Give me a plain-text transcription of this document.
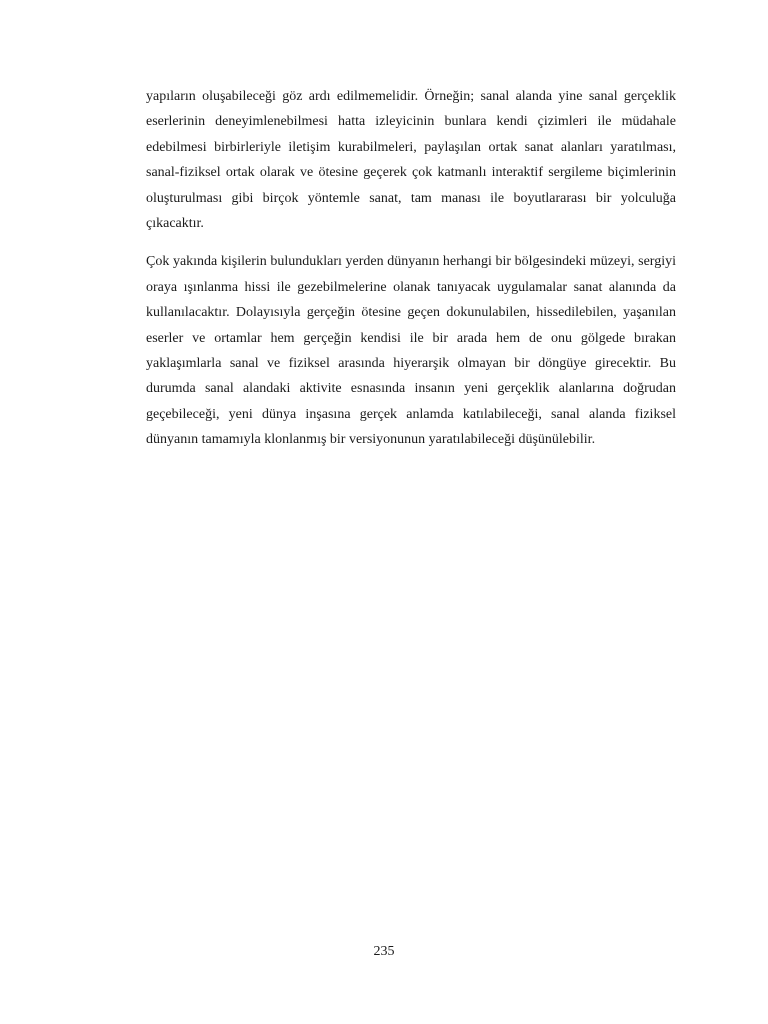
yapıların oluşabileceği göz ardı edilmemelidir. Örneğin; sanal alanda yine sanal gerçeklik eserlerinin deneyimlenebilmesi hatta izleyicinin bunlara kendi çizimleri ile müdahale edebilmesi birbirleriyle iletişim kurabilmeleri, paylaşılan ortak sanat alanları yaratılması, sanal-fiziksel ortak olarak ve ötesine geçerek çok katmanlı interaktif sergileme biçimlerinin oluşturulması gibi birçok yöntemle sanat, tam manası ile boyutlararası bir yolculuğa çıkacaktır.

Çok yakında kişilerin bulundukları yerden dünyanın herhangi bir bölgesindeki müzeyi, sergiyi oraya ışınlanma hissi ile gezebilmelerine olanak tanıyacak uygulamalar sanat alanında da kullanılacaktır. Dolayısıyla gerçeğin ötesine geçen dokunulabilen, hissedilebilen, yaşanılan eserler ve ortamlar hem gerçeğin kendisi ile bir arada hem de onu gölgede bırakan yaklaşımlarla sanal ve fiziksel arasında hiyerarşik olmayan bir döngüye girecektir. Bu durumda sanal alandaki aktivite esnasında insanın yeni gerçeklik alanlarına doğrudan geçebileceği, yeni dünya inşasına gerçek anlamda katılabileceği, sanal alanda fiziksel dünyanın tamamıyla klonlanmış bir versiyonunun yaratılabileceği düşünülebilir.

235
